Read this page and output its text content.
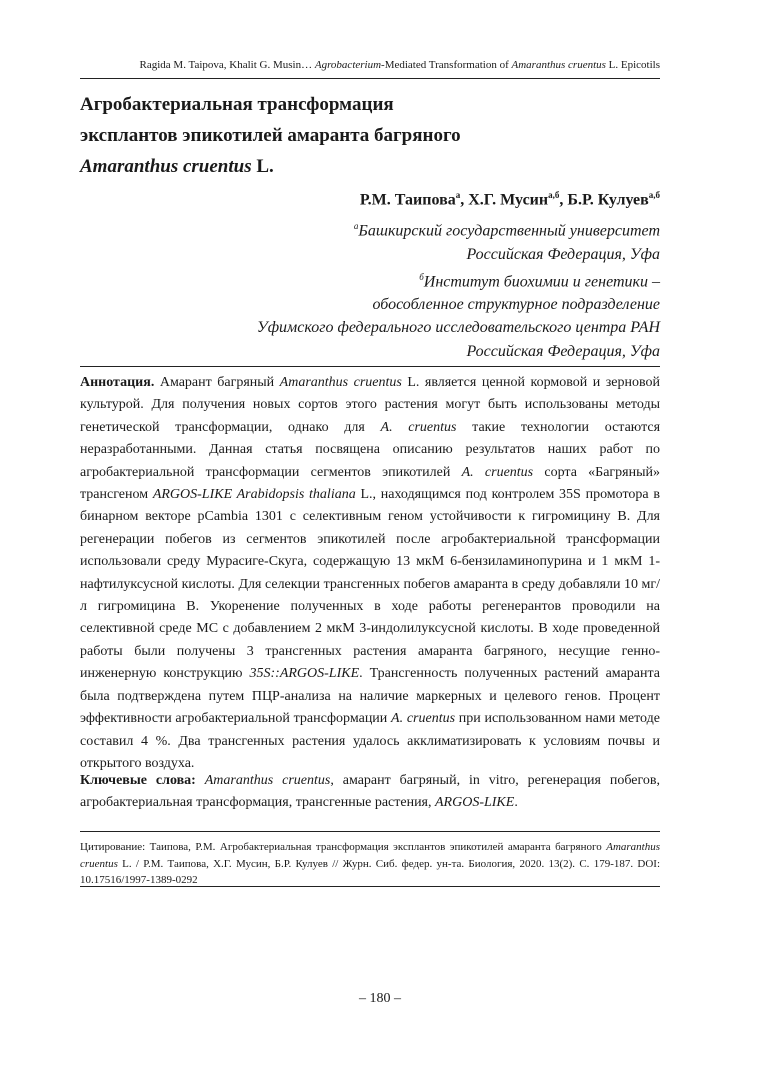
Ragida M. Taipova, Khalit G. Musin… Agrobacterium-Mediated Transformation of Amaranthus cruentus L. Epicotils
Агробактериальная трансформация
эксплантов эпикотилей амаранта багряного
Amaranthus cruentus L.
Р.М. Таипова$^а$, Х.Г. Мусин$^{а,б}$, Б.Р. Кулуев$^{а,б}$
$^а$Башкирский государственный университет
Российская Федерация, Уфа
$^б$Институт биохимии и генетики –
обособленное структурное подразделение
Уфимского федерального исследовательского центра РАН
Российская Федерация, Уфа
Аннотация. Амарант багряный Amaranthus cruentus L. является ценной кормовой и зерновой культурой. Для получения новых сортов этого растения могут быть использованы методы генетической трансформации, однако для A. cruentus такие технологии остаются неразработанными. Данная статья посвящена описанию результатов наших работ по агробактериальной трансформации сегментов эпикотилей A. cruentus сорта «Багряный» трансгеном ARGOS-LIKE Arabidopsis thaliana L., находящимся под контролем 35S промотора в бинарном векторе pCambia 1301 с селективным геном устойчивости к гигромицину В. Для регенерации побегов из сегментов эпикотилей после агробактериальной трансформации использовали среду Мурасиге-Скуга, содержащую 13 мкМ 6-бензиламинопурина и 1 мкМ 1-нафтилуксусной кислоты. Для селекции трансгенных побегов амаранта в среду добавляли 10 мг/л гигромицина В. Укоренение полученных в ходе работы регенерантов проводили на селективной среде МС с добавлением 2 мкМ 3-индолилуксусной кислоты. В ходе проведенной работы были получены 3 трансгенных растения амаранта багряного, несущие генно-инженерную конструкцию 35S::ARGOS-LIKE. Трансгенность полученных растений амаранта была подтверждена путем ПЦР-анализа на наличие маркерных и целевого генов. Процент эффективности агробактериальной трансформации A. cruentus при использованном нами методе составил 4 %. Два трансгенных растения удалось акклиматизировать к условиям почвы и открытого воздуха.
Ключевые слова: Amaranthus cruentus, амарант багряный, in vitro, регенерация побегов, агробактериальная трансформация, трансгенные растения, ARGOS-LIKE.
Цитирование: Таипова, Р.М. Агробактериальная трансформация эксплантов эпикотилей амаранта багряного Amaranthus cruentus L. / Р.М. Таипова, Х.Г. Мусин, Б.Р. Кулуев // Журн. Сиб. федер. ун-та. Биология, 2020. 13(2). С. 179-187. DOI: 10.17516/1997-1389-0292
– 180 –
